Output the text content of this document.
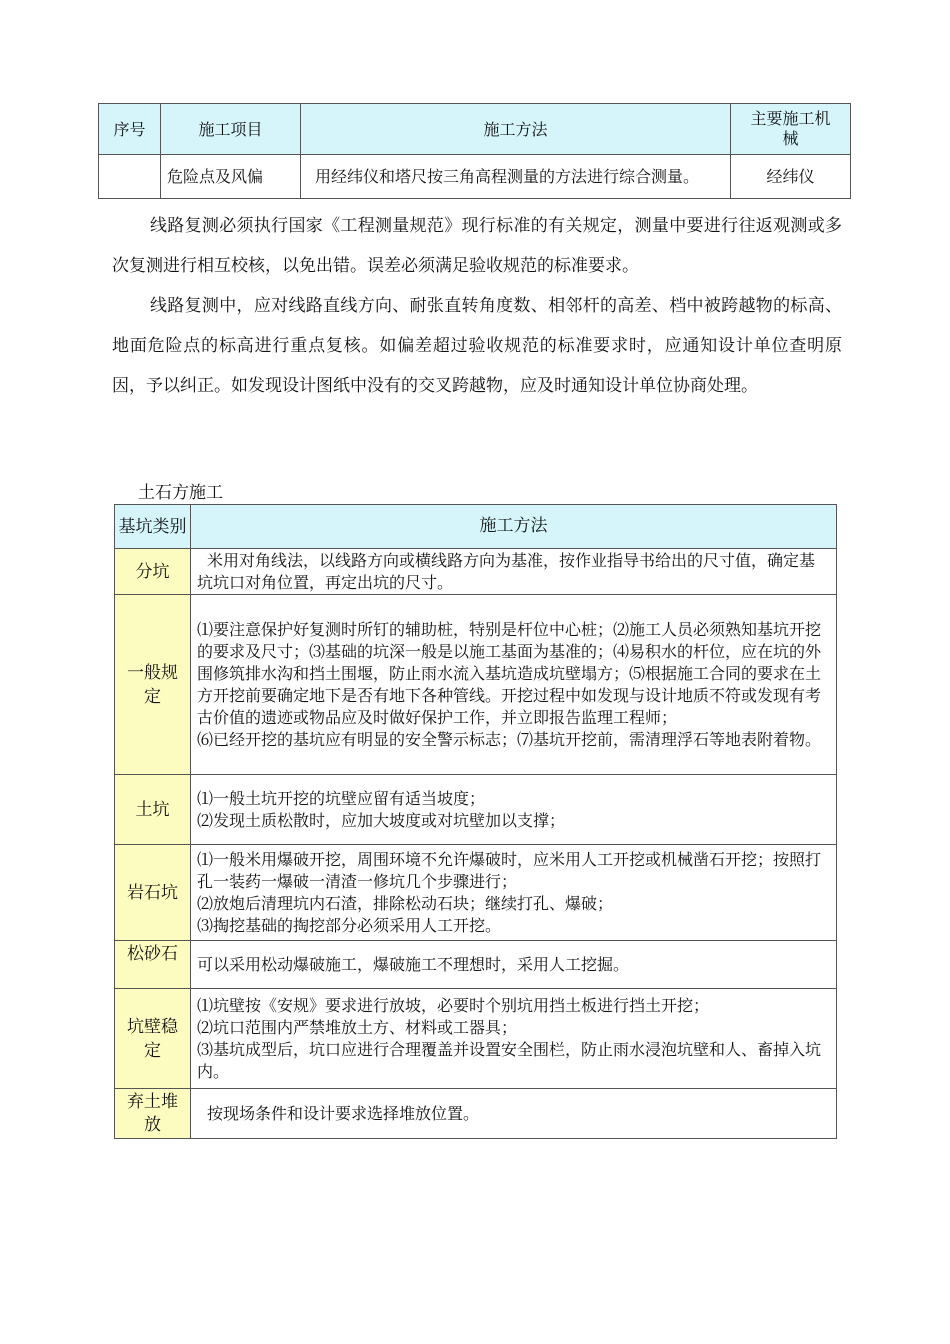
序号	施工项目	施工方法	主要施工机械
	危险点及风偏	用经纬仪和塔尺按三角高程测量的方法进行综合测量。	经纬仪

线路复测必须执行国家《工程测量规范》现行标准的有关规定，测量中要进行往返观测或多次复测进行相互校核，以免出错。误差必须满足验收规范的标准要求。

线路复测中，应对线路直线方向、耐张直转角度数、相邻杆的高差、档中被跨越物的标高、地面危险点的标高进行重点复核。如偏差超过验收规范的标准要求时，应通知设计单位查明原因，予以纠正。如发现设计图纸中没有的交叉跨越物，应及时通知设计单位协商处理。

土石方施工
基坑类别	施工方法
分坑	米用对角线法，以线路方向或横线路方向为基准，按作业指导书给出的尺寸值，确定基坑坑口对角位置，再定出坑的尺寸。

一般规定	⑴要注意保护好复测时所钉的辅助桩，特别是杆位中心桩；⑵施工人员必须熟知基坑开挖的要求及尺寸；⑶基础的坑深一般是以施工基面为基准的；⑷易积水的杆位，应在坑的外围修筑排水沟和挡土围堰，防止雨水流入基坑造成坑壁塌方；⑸根据施工合同的要求在土方开挖前要确定地下是否有地下各种管线。开挖过程中如发现与设计地质不符或发现有考古价值的遗迹或物品应及时做好保护工作，并立即报告监理工程师；
⑹已经开挖的基坑应有明显的安全警示标志；⑺基坑开挖前，需清理浮石等地表附着物。

土坑	⑴一般土坑开挖的坑壁应留有适当坡度；
⑵发现土质松散时，应加大坡度或对坑壁加以支撑；

岩石坑	⑴一般米用爆破开挖，周围环境不允许爆破时，应米用人工开挖或机械凿石开挖；按照打孔一装药一爆破一清渣一修坑几个步骤进行；
⑵放炮后清理坑内石渣，排除松动石块；继续打孔、爆破；
⑶掏挖基础的掏挖部分必须采用人工开挖。

松砂石	可以采用松动爆破施工，爆破施工不理想时，采用人工挖掘。

坑壁稳定	⑴坑壁按《安规》要求进行放坡，必要时个别坑用挡土板进行挡土开挖；
⑵坑口范围内严禁堆放土方、材料或工器具；
⑶基坑成型后，坑口应进行合理覆盖并设置安全围栏，防止雨水浸泡坑壁和人、畜掉入坑内。

弃土堆放	按现场条件和设计要求选择堆放位置。
